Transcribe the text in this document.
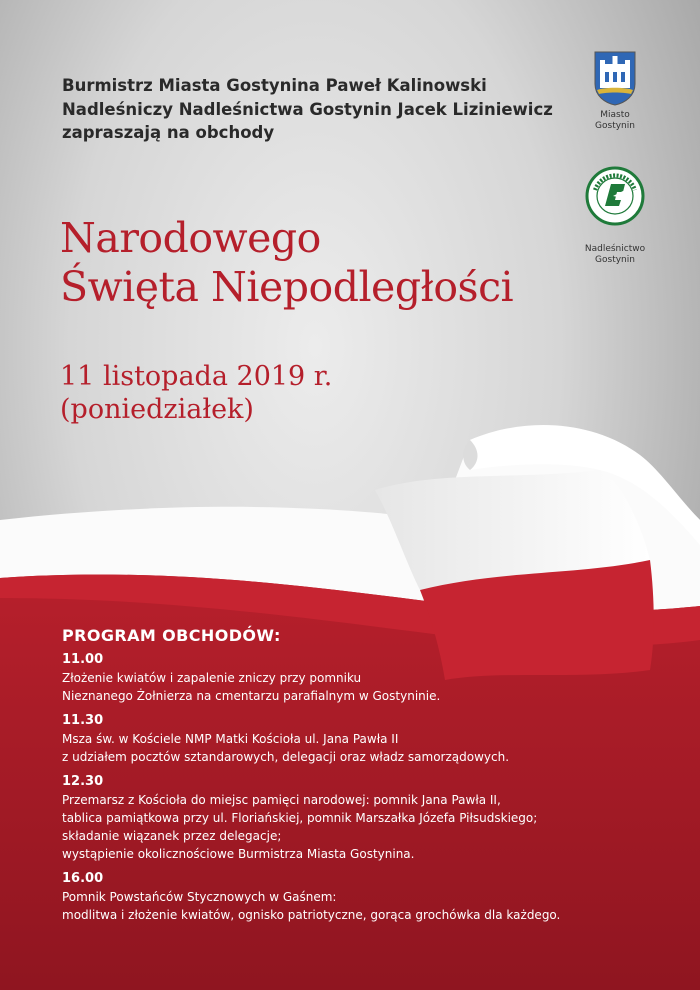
Burmistrz Miasta Gostynina Paweł Kalinowski
Nadleśniczy Nadleśnictwa Gostynin Jacek Liziniewicz
zapraszają na obchody
Miasto
Gostynin
Nadleśnictwo
Gostynin
Narodowego
Święta Niepodległości
11 listopada 2019 r.
(poniedziałek)
PROGRAM OBCHODÓW:
11.00
Złożenie kwiatów i zapalenie zniczy przy pomniku
Nieznanego Żołnierza na cmentarzu parafialnym w Gostyninie.
11.30
Msza św. w Kościele NMP Matki Kościoła ul. Jana Pawła II
z udziałem pocztów sztandarowych, delegacji oraz władz samorządowych.
12.30
Przemarsz z Kościoła do miejsc pamięci narodowej: pomnik Jana Pawła II,
tablica pamiątkowa przy ul. Floriańskiej, pomnik Marszałka Józefa Piłsudskiego;
składanie wiązanek przez delegacje;
wystąpienie okolicznościowe Burmistrza Miasta Gostynina.
16.00
Pomnik Powstańców Stycznowych w Gaśnem:
modlitwa i złożenie kwiatów, ognisko patriotyczne, gorąca grochówka dla każdego.
